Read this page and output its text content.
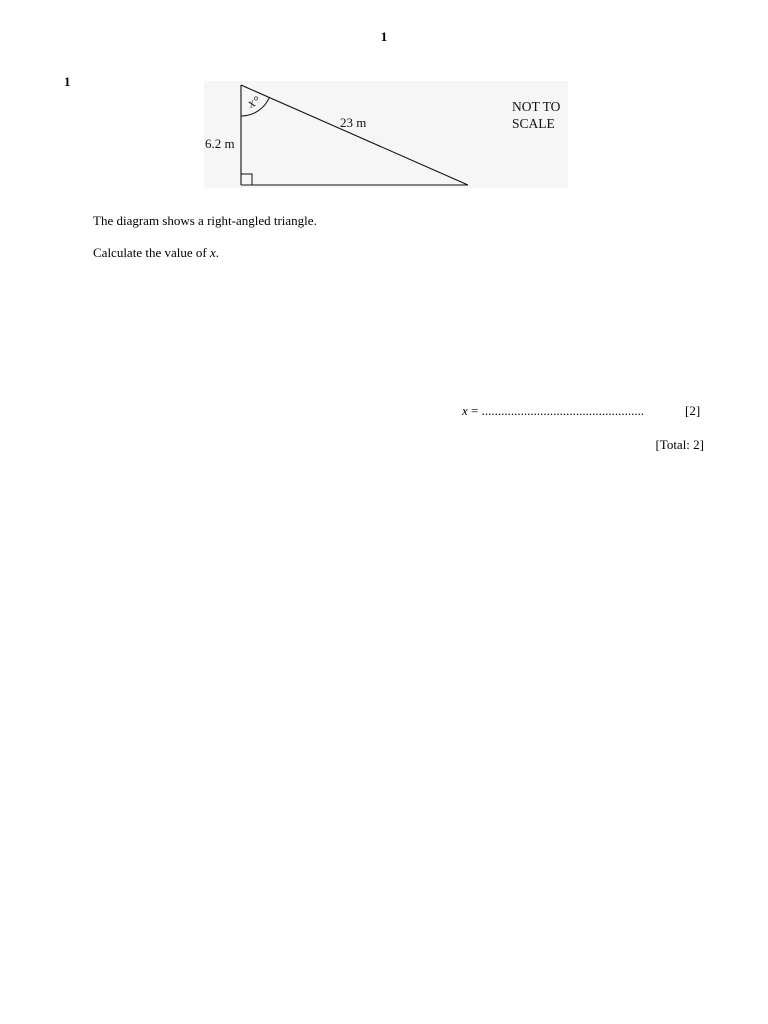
1
1
x°
23 m
6.2 m
NOT TO
SCALE
The diagram shows a right-angled triangle.
Calculate the value of x.
x = ..................................................	[2]
[Total: 2]
